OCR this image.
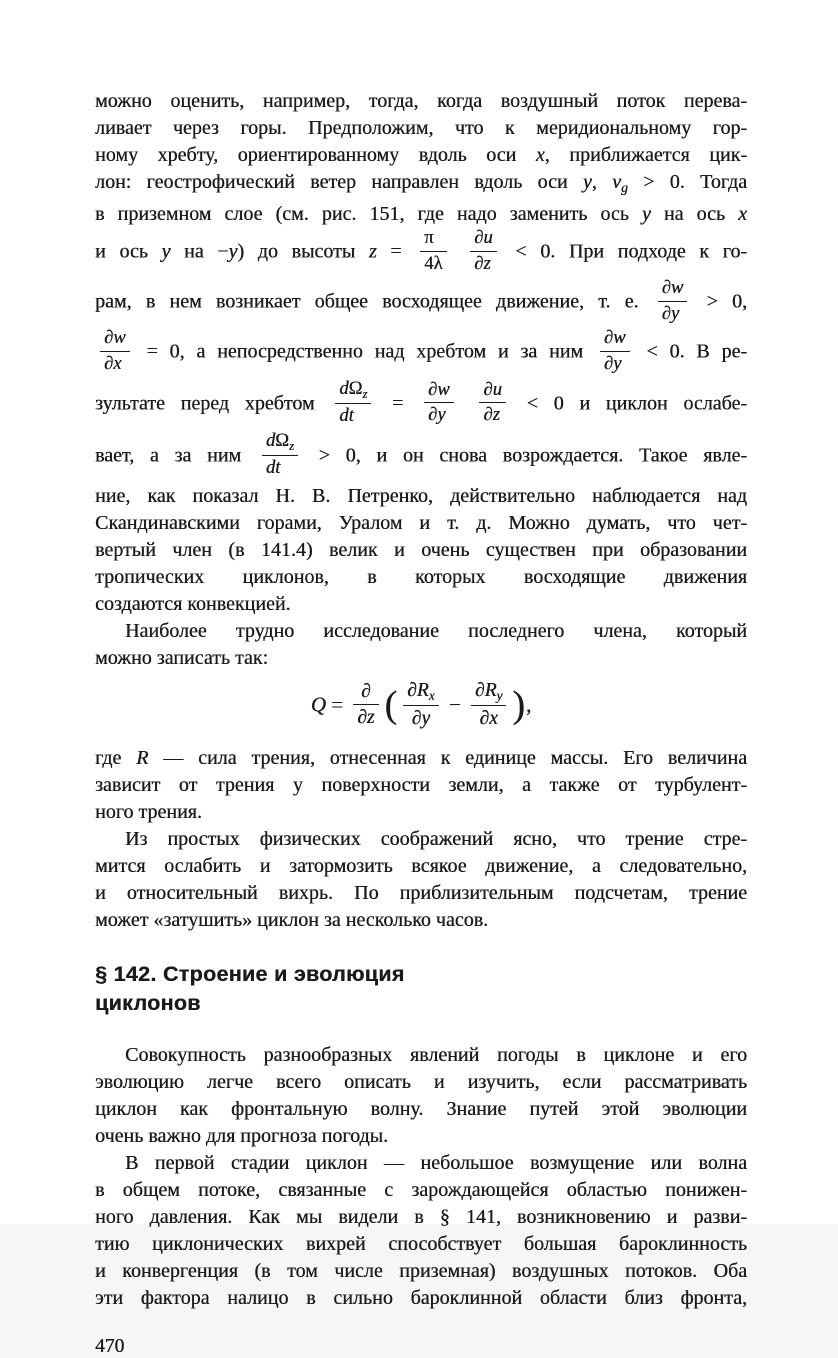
можно оценить, например, тогда, когда воздушный поток перева-
ливает через горы. Предположим, что к меридиональному гор-
ному хребту, ориентированному вдоль оси x, приближается цик-
лон: геострофический ветер направлен вдоль оси y, $v_g > 0$. Тогда
в приземном слое (см. рис. 151, где надо заменить ось y на ось x
и ось y на −y) до высоты $z = \frac{\pi}{4\lambda}$
$\frac{\partial u}{\partial z} < 0$. При подходе к го-
рам, в нем возникает общее восходящее движение, т. е. $\frac{\partial w}{\partial y} > 0$,
$\frac{\partial w}{\partial x} = 0$, а непосредственно над хребтом и за ним $\frac{\partial w}{\partial y} < 0$. В ре-
зультате перед хребтом $\frac{d\Omega_z}{dt} = \frac{\partial w}{\partial y}$
$\frac{\partial u}{\partial z} < 0$ и циклон ослабе-
вает, а за ним $\frac{d\Omega_z}{dt} > 0$, и он снова возрождается. Такое явле-
ние, как показал Н. В. Петренко, действительно наблюдается над
Скандинавскими горами, Уралом и т. д. Можно думать, что чет-
вертый член (в 141.4) велик и очень существен при образовании
тропических циклонов, в которых восходящие движения
создаются конвекцией.
Наиболее трудно исследование последнего члена, который
можно записать так:
$Q = \frac{\partial}{\partial z}$ ( $\frac{\partial R_x}{\partial y} - \frac{\partial R_y}{\partial x}$ ),
где R — сила трения, отнесенная к единице массы. Его величина
зависит от трения у поверхности земли, а также от турбулент-
ного трения.
Из простых физических соображений ясно, что трение стре-
мится ослабить и затормозить всякое движение, а следовательно,
и относительный вихрь. По приблизительным подсчетам, трение
может «затушить» циклон за несколько часов.
§ 142. Строение и эволюция
циклонов
Совокупность разнообразных явлений погоды в циклоне и его
эволюцию легче всего описать и изучить, если рассматривать
циклон как фронтальную волну. Знание путей этой эволюции
очень важно для прогноза погоды.
В первой стадии циклон — небольшое возмущение или волна
в общем потоке, связанные с зарождающейся областью понижен-
ного давления. Как мы видели в § 141, возникновению и разви-
тию циклонических вихрей способствует большая бароклинность
и конвергенция (в том числе приземная) воздушных потоков. Оба
эти фактора налицо в сильно бароклинной области близ фронта,
470
